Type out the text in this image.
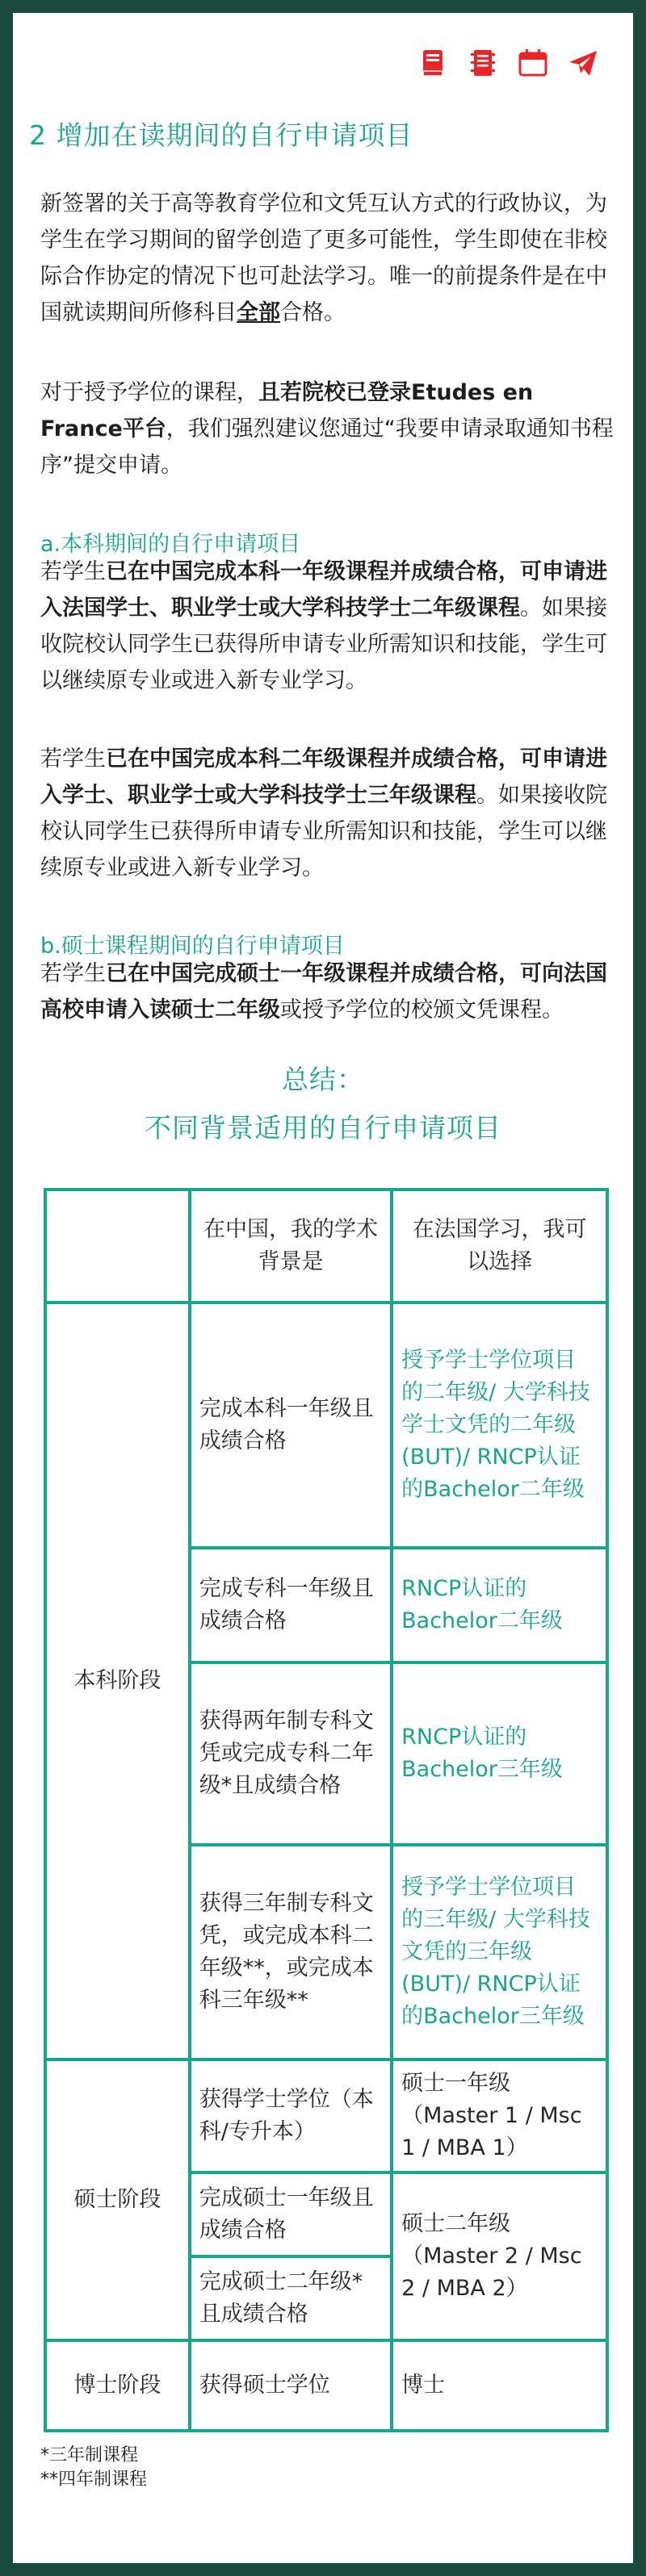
2 增加在读期间的自行申请项目
新签署的关于高等教育学位和文凭互认方式的行政协议，为学生在学习期间的留学创造了更多可能性，学生即使在非校际合作协定的情况下也可赴法学习。唯一的前提条件是在中国就读期间所修科目全部合格。
对于授予学位的课程，且若院校已登录Etudes en France平台，我们强烈建议您通过“我要申请录取通知书程序”提交申请。
a.本科期间的自行申请项目
若学生已在中国完成本科一年级课程并成绩合格，可申请进入法国学士、职业学士或大学科技学士二年级课程。如果接收院校认同学生已获得所申请专业所需知识和技能，学生可以继续原专业或进入新专业学习。
若学生已在中国完成本科二年级课程并成绩合格，可申请进入学士、职业学士或大学科技学士三年级课程。如果接收院校认同学生已获得所申请专业所需知识和技能，学生可以继续原专业或进入新专业学习。
b.硕士课程期间的自行申请项目
若学生已在中国完成硕士一年级课程并成绩合格，可向法国高校申请入读硕士二年级或授予学位的校颁文凭课程。
总结：
不同背景适用的自行申请项目
	在中国，我的学术背景是	在法国学习，我可以选择
本科阶段	完成本科一年级且成绩合格	授予学士学位项目的二年级/ 大学科技学士文凭的二年级(BUT)/ RNCP认证的Bachelor二年级
	完成专科一年级且成绩合格	RNCP认证的Bachelor二年级
	获得两年制专科文凭或完成专科二年级*且成绩合格	RNCP认证的Bachelor三年级
	获得三年制专科文凭，或完成本科二年级**，或完成本科三年级**	授予学士学位项目的三年级/ 大学科技文凭的三年级(BUT)/ RNCP认证的Bachelor三年级
硕士阶段	获得学士学位（本科/专升本）	硕士一年级
（Master 1 / Msc 1 / MBA 1）
	完成硕士一年级且成绩合格	硕士二年级
（Master 2 / Msc 2 / MBA 2）
	完成硕士二年级*且成绩合格	
博士阶段	获得硕士学位	博士
*三年制课程
**四年制课程
